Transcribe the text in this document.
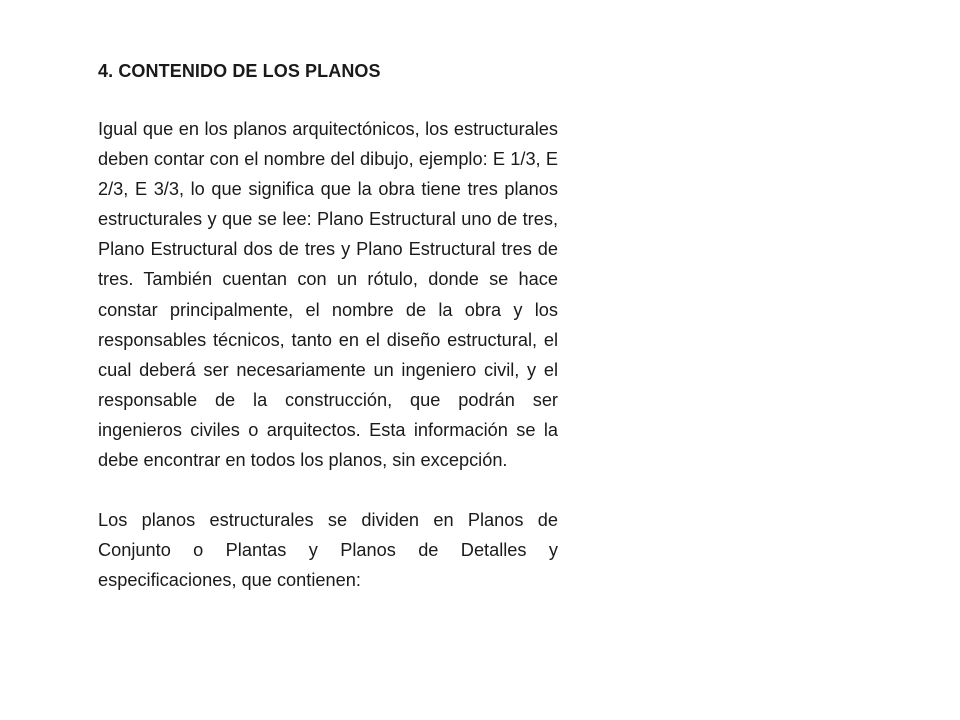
4. CONTENIDO DE LOS PLANOS

Igual que en los planos arquitectónicos, los estructurales deben contar con el nombre del dibujo, ejemplo: E 1/3, E 2/3, E 3/3, lo que significa que la obra tiene tres planos estructurales y que se lee: Plano Estructural uno de tres, Plano Estructural dos de tres y Plano Estructural tres de tres. También cuentan con un rótulo, donde se hace constar principalmente, el nombre de la obra y los responsables técnicos, tanto en el diseño estructural, el cual deberá ser necesariamente un ingeniero civil, y el responsable de la construcción, que podrán ser ingenieros civiles o arquitectos. Esta información se la debe encontrar en todos los planos, sin excepción.

Los planos estructurales se dividen en Planos de Conjunto o Plantas y Planos de Detalles y especificaciones, que contienen:
